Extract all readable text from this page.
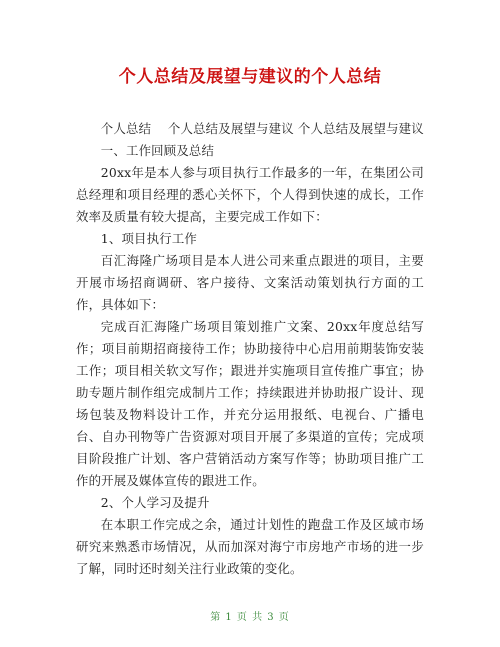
个人总结及展望与建议的个人总结

个人总结　 个人总结及展望与建议 个人总结及展望与建议

一、工作回顾及总结

20xx年是本人参与项目执行工作最多的一年，在集团公司总经理和项目经理的悉心关怀下，个人得到快速的成长，工作效率及质量有较大提高，主要完成工作如下：

1、项目执行工作

百汇海隆广场项目是本人进公司来重点跟进的项目，主要开展市场招商调研、客户接待、文案活动策划执行方面的工作，具体如下：

完成百汇海隆广场项目策划推广文案、20xx年度总结写作；项目前期招商接待工作；协助接待中心启用前期装饰安装工作；项目相关软文写作；跟进并实施项目宣传推广事宜；协助专题片制作组完成制片工作；持续跟进并协助报广设计、现场包装及物料设计工作，并充分运用报纸、电视台、广播电台、自办刊物等广告资源对项目开展了多渠道的宣传；完成项目阶段推广计划、客户营销活动方案写作等；协助项目推广工作的开展及媒体宣传的跟进工作。

2、个人学习及提升

在本职工作完成之余，通过计划性的跑盘工作及区域市场研究来熟悉市场情况，从而加深对海宁市房地产市场的进一步了解，同时还时刻关注行业政策的变化。

第 1 页 共 3 页
